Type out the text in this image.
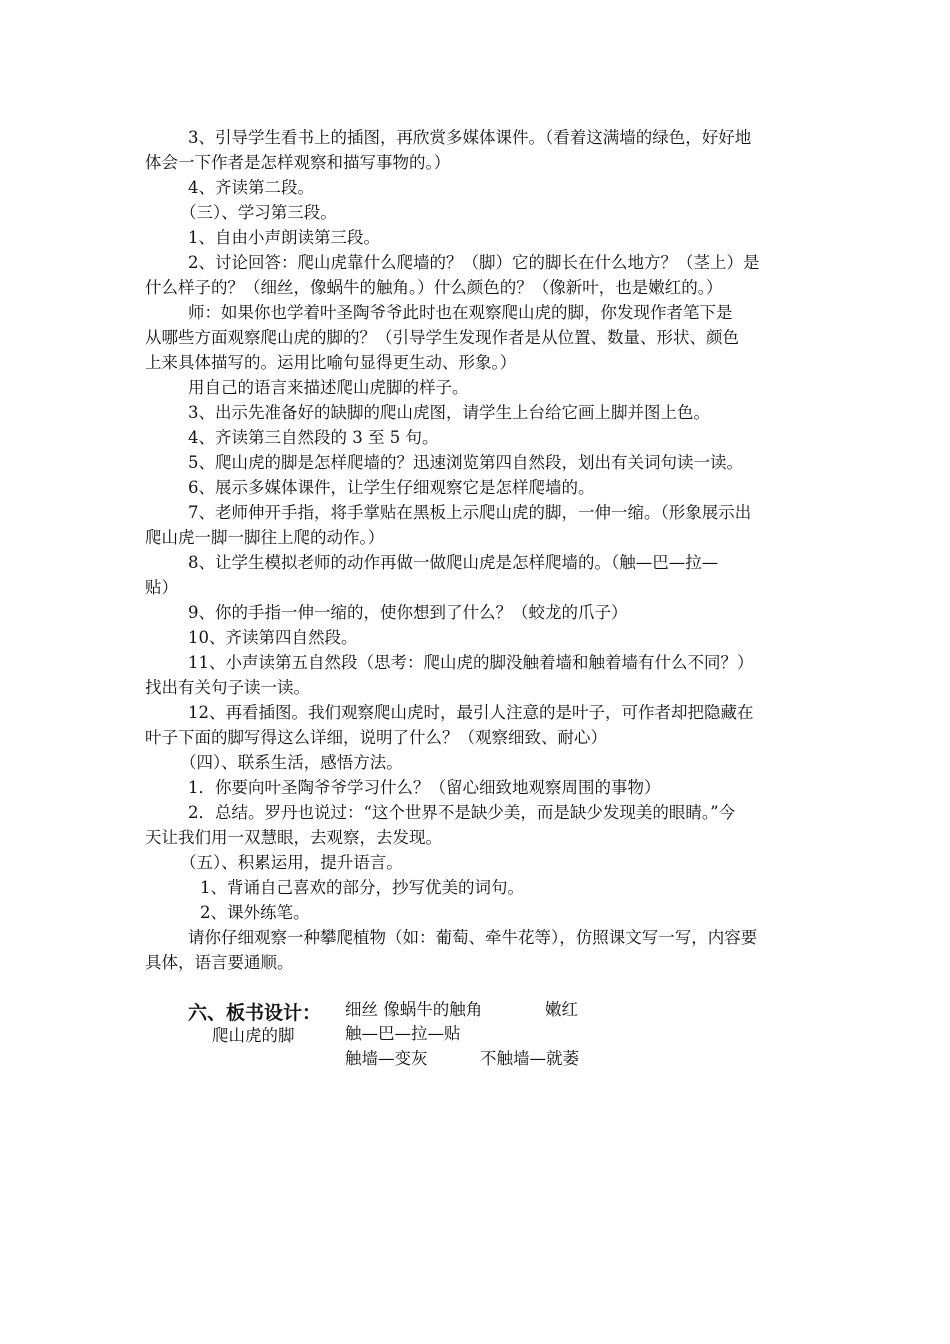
3、引导学生看书上的插图，再欣赏多媒体课件。（看着这满墙的绿色，好好地
体会一下作者是怎样观察和描写事物的。）
4、齐读第二段。
（三）、学习第三段。
1、自由小声朗读第三段。
2、讨论回答：爬山虎靠什么爬墙的？（脚）它的脚长在什么地方？（茎上）是
什么样子的？（细丝，像蜗牛的触角。）什么颜色的？（像新叶，也是嫩红的。）
师：如果你也学着叶圣陶爷爷此时也在观察爬山虎的脚，你发现作者笔下是
从哪些方面观察爬山虎的脚的？（引导学生发现作者是从位置、数量、形状、颜色
上来具体描写的。运用比喻句显得更生动、形象。）
用自己的语言来描述爬山虎脚的样子。
3、出示先准备好的缺脚的爬山虎图，请学生上台给它画上脚并图上色。
4、齐读第三自然段的 3 至 5 句。
5、爬山虎的脚是怎样爬墙的？迅速浏览第四自然段，划出有关词句读一读。
6、展示多媒体课件，让学生仔细观察它是怎样爬墙的。
7、老师伸开手指，将手掌贴在黑板上示爬山虎的脚，一伸一缩。（形象展示出
爬山虎一脚一脚往上爬的动作。）
8、让学生模拟老师的动作再做一做爬山虎是怎样爬墙的。（触—巴—拉—
贴）
9、你的手指一伸一缩的，使你想到了什么？（蛟龙的爪子）
10、齐读第四自然段。
11、小声读第五自然段（思考：爬山虎的脚没触着墙和触着墙有什么不同？）
找出有关句子读一读。
12、再看插图。我们观察爬山虎时，最引人注意的是叶子，可作者却把隐藏在
叶子下面的脚写得这么详细，说明了什么？（观察细致、耐心）
（四）、联系生活，感悟方法。
1．你要向叶圣陶爷爷学习什么？（留心细致地观察周围的事物）
2．总结。罗丹也说过：“这个世界不是缺少美，而是缺少发现美的眼睛。”今
天让我们用一双慧眼，去观察，去发现。
（五）、积累运用，提升语言。
1、背诵自己喜欢的部分，抄写优美的词句。
2、课外练笔。
请你仔细观察一种攀爬植物（如：葡萄、牵牛花等），仿照课文写一写，内容要
具体，语言要通顺。
六、板书设计：
爬山虎的脚
细丝 像蜗牛的触角	嫩红
触—巴—拉—贴
触墙—变灰	不触墙—就萎
